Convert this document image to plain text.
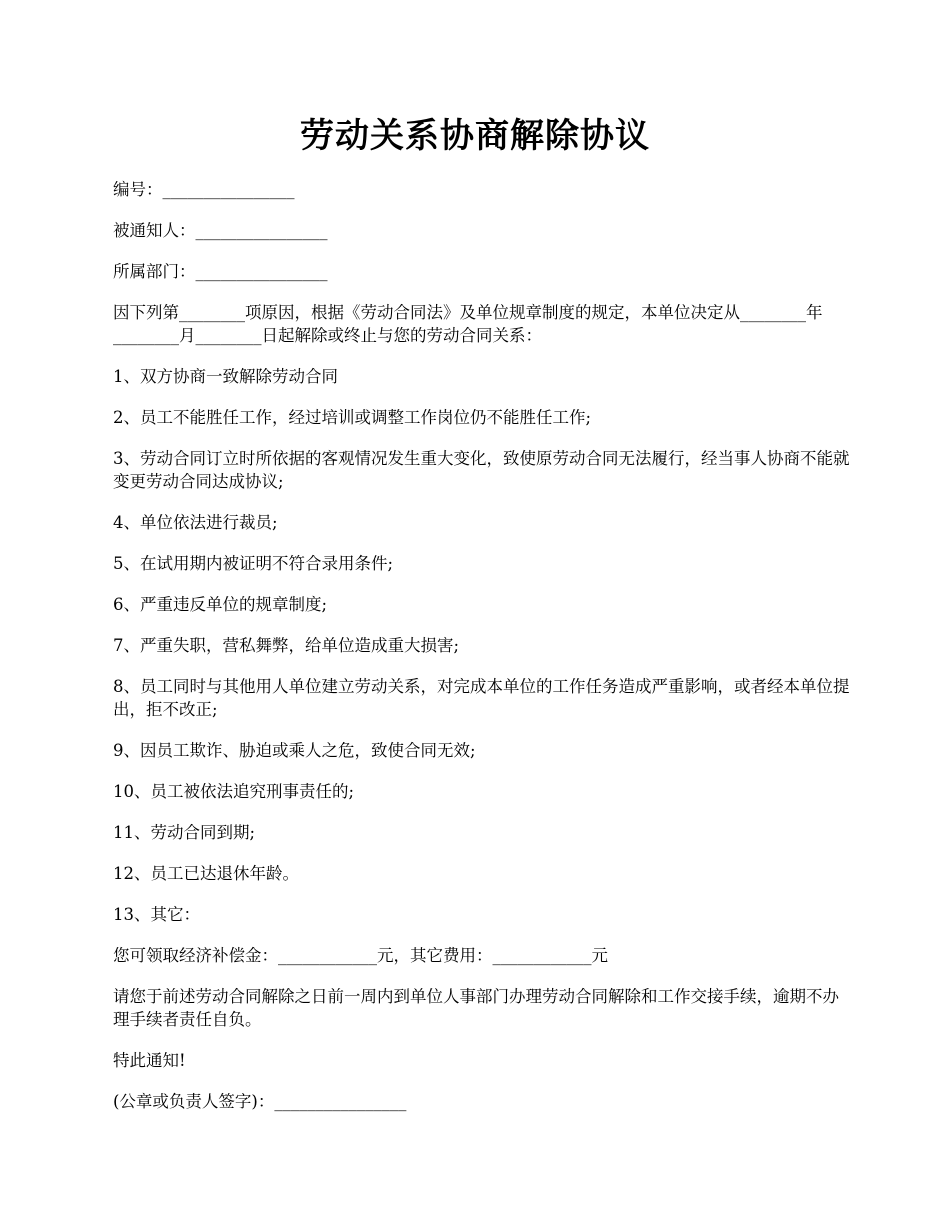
劳动关系协商解除协议

编号：________________

被通知人：________________

所属部门：________________

因下列第________项原因，根据《劳动合同法》及单位规章制度的规定，本单位决定从________年________月________日起解除或终止与您的劳动合同关系：

1、双方协商一致解除劳动合同

2、员工不能胜任工作，经过培训或调整工作岗位仍不能胜任工作;

3、劳动合同订立时所依据的客观情况发生重大变化，致使原劳动合同无法履行，经当事人协商不能就变更劳动合同达成协议;

4、单位依法进行裁员;

5、在试用期内被证明不符合录用条件;

6、严重违反单位的规章制度;

7、严重失职，营私舞弊，给单位造成重大损害;

8、员工同时与其他用人单位建立劳动关系，对完成本单位的工作任务造成严重影响，或者经本单位提出，拒不改正;

9、因员工欺诈、胁迫或乘人之危，致使合同无效;

10、员工被依法追究刑事责任的;

11、劳动合同到期;

12、员工已达退休年龄。

13、其它：

您可领取经济补偿金：____________元，其它费用：____________元

请您于前述劳动合同解除之日前一周内到单位人事部门办理劳动合同解除和工作交接手续，逾期不办理手续者责任自负。

特此通知!

(公章或负责人签字)：________________
